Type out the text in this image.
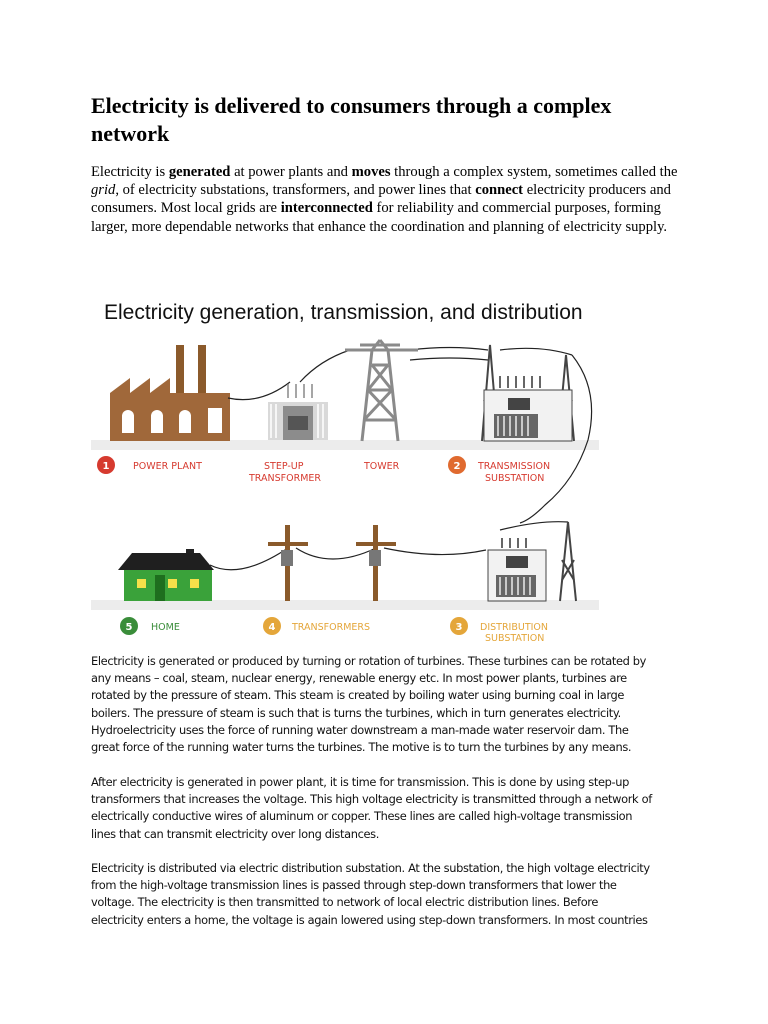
Electricity is delivered to consumers through a complex network

Electricity is generated at power plants and moves through a complex system, sometimes called the grid, of electricity substations, transformers, and power lines that connect electricity producers and consumers. Most local grids are interconnected for reliability and commercial purposes, forming larger, more dependable networks that enhance the coordination and planning of electricity supply.

Electricity generation, transmission, and distribution
1 POWER PLANT	STEP-UP
TRANSFORMER
TOWER	2 TRANSMISSION
SUBSTATION
5 HOME	4 TRANSFORMERS	3 DISTRIBUTION
SUBSTATION
Electricity is generated or produced by turning or rotation of turbines. These turbines can be rotated by
any means – coal, steam, nuclear energy, renewable energy etc. In most power plants, turbines are
rotated by the pressure of steam. This steam is created by boiling water using burning coal in large
boilers. The pressure of steam is such that is turns the turbines, which in turn generates electricity.
Hydroelectricity uses the force of running water downstream a man-made water reservoir dam. The
great force of the running water turns the turbines. The motive is to turn the turbines by any means.
After electricity is generated in power plant, it is time for transmission. This is done by using step-up
transformers that increases the voltage. This high voltage electricity is transmitted through a network of
electrically conductive wires of aluminum or copper. These lines are called high-voltage transmission
lines that can transmit electricity over long distances.
Electricity is distributed via electric distribution substation. At the substation, the high voltage electricity
from the high-voltage transmission lines is passed through step-down transformers that lower the
voltage. The electricity is then transmitted to network of local electric distribution lines. Before
electricity enters a home, the voltage is again lowered using step-down transformers. In most countries
